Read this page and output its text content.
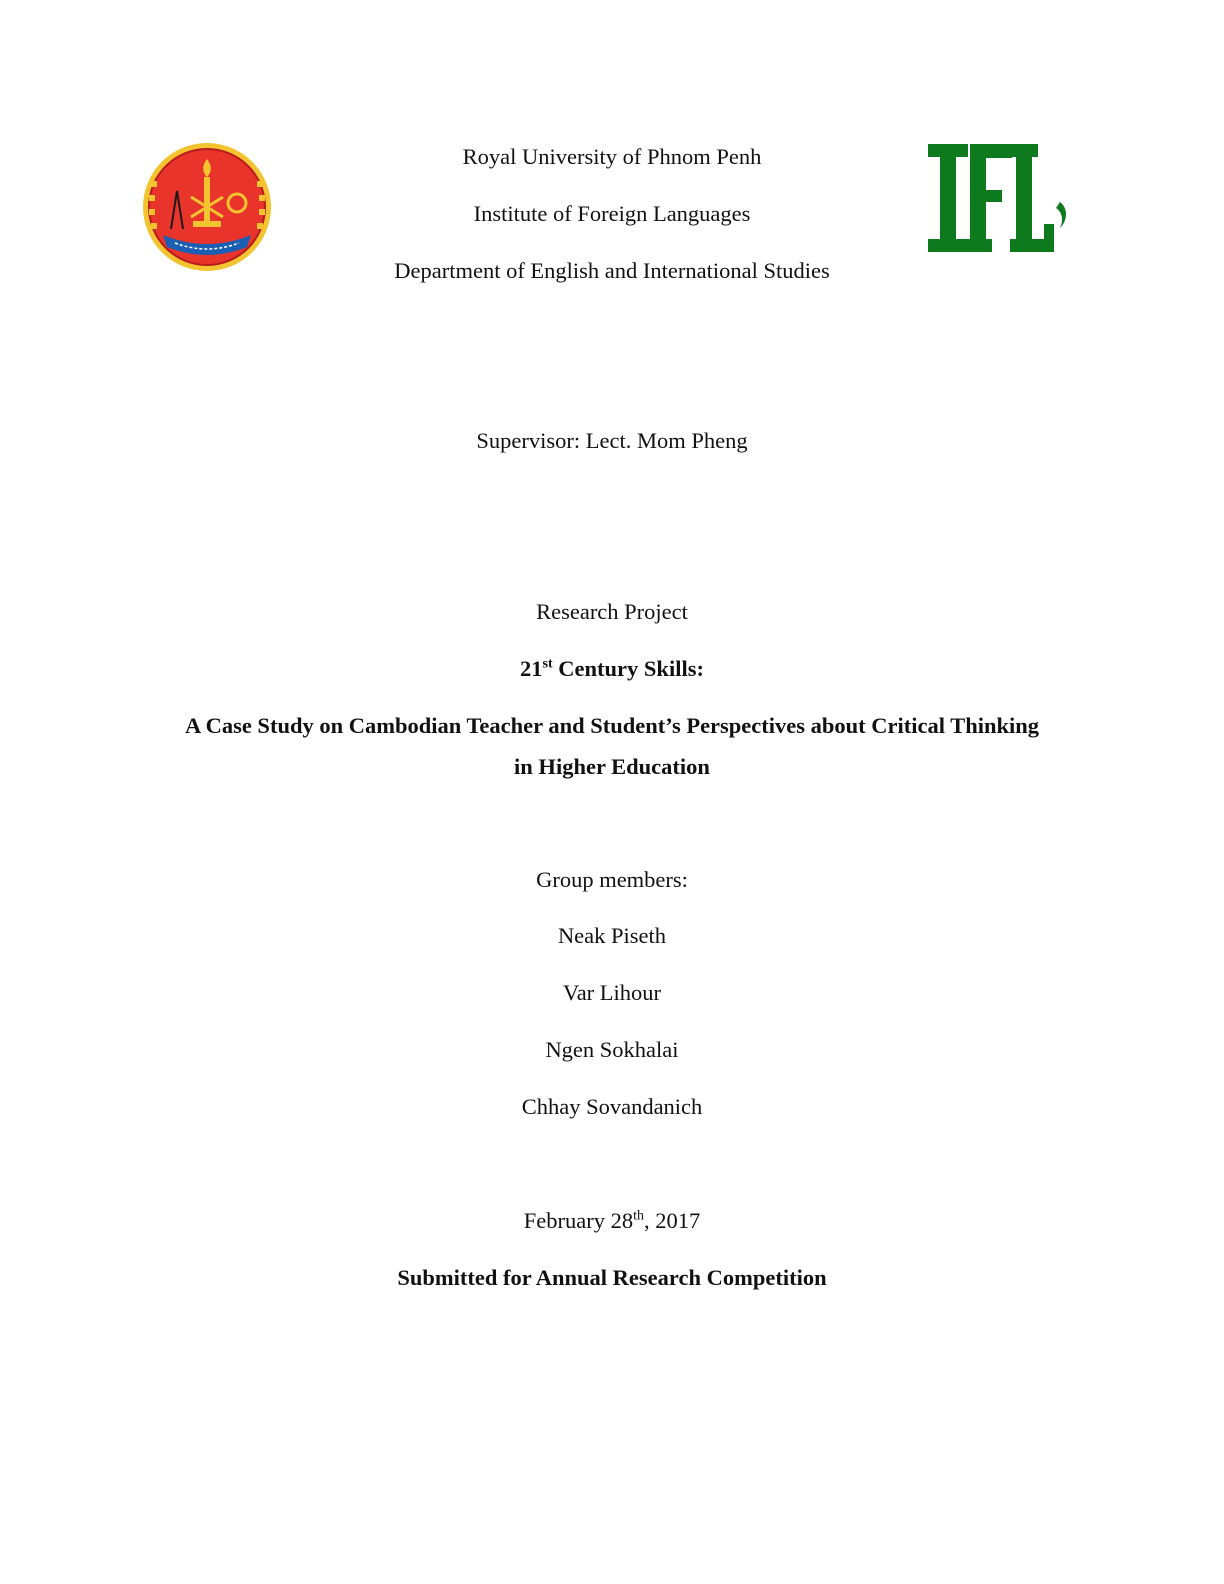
Royal University of Phnom Penh
Institute of Foreign Languages
Department of English and International Studies
Supervisor: Lect. Mom Pheng
Research Project
21st Century Skills:
A Case Study on Cambodian Teacher and Student’s Perspectives about Critical Thinking
in Higher Education
Group members:
Neak Piseth
Var Lihour
Ngen Sokhalai
Chhay Sovandanich
February 28th, 2017
Submitted for Annual Research Competition
